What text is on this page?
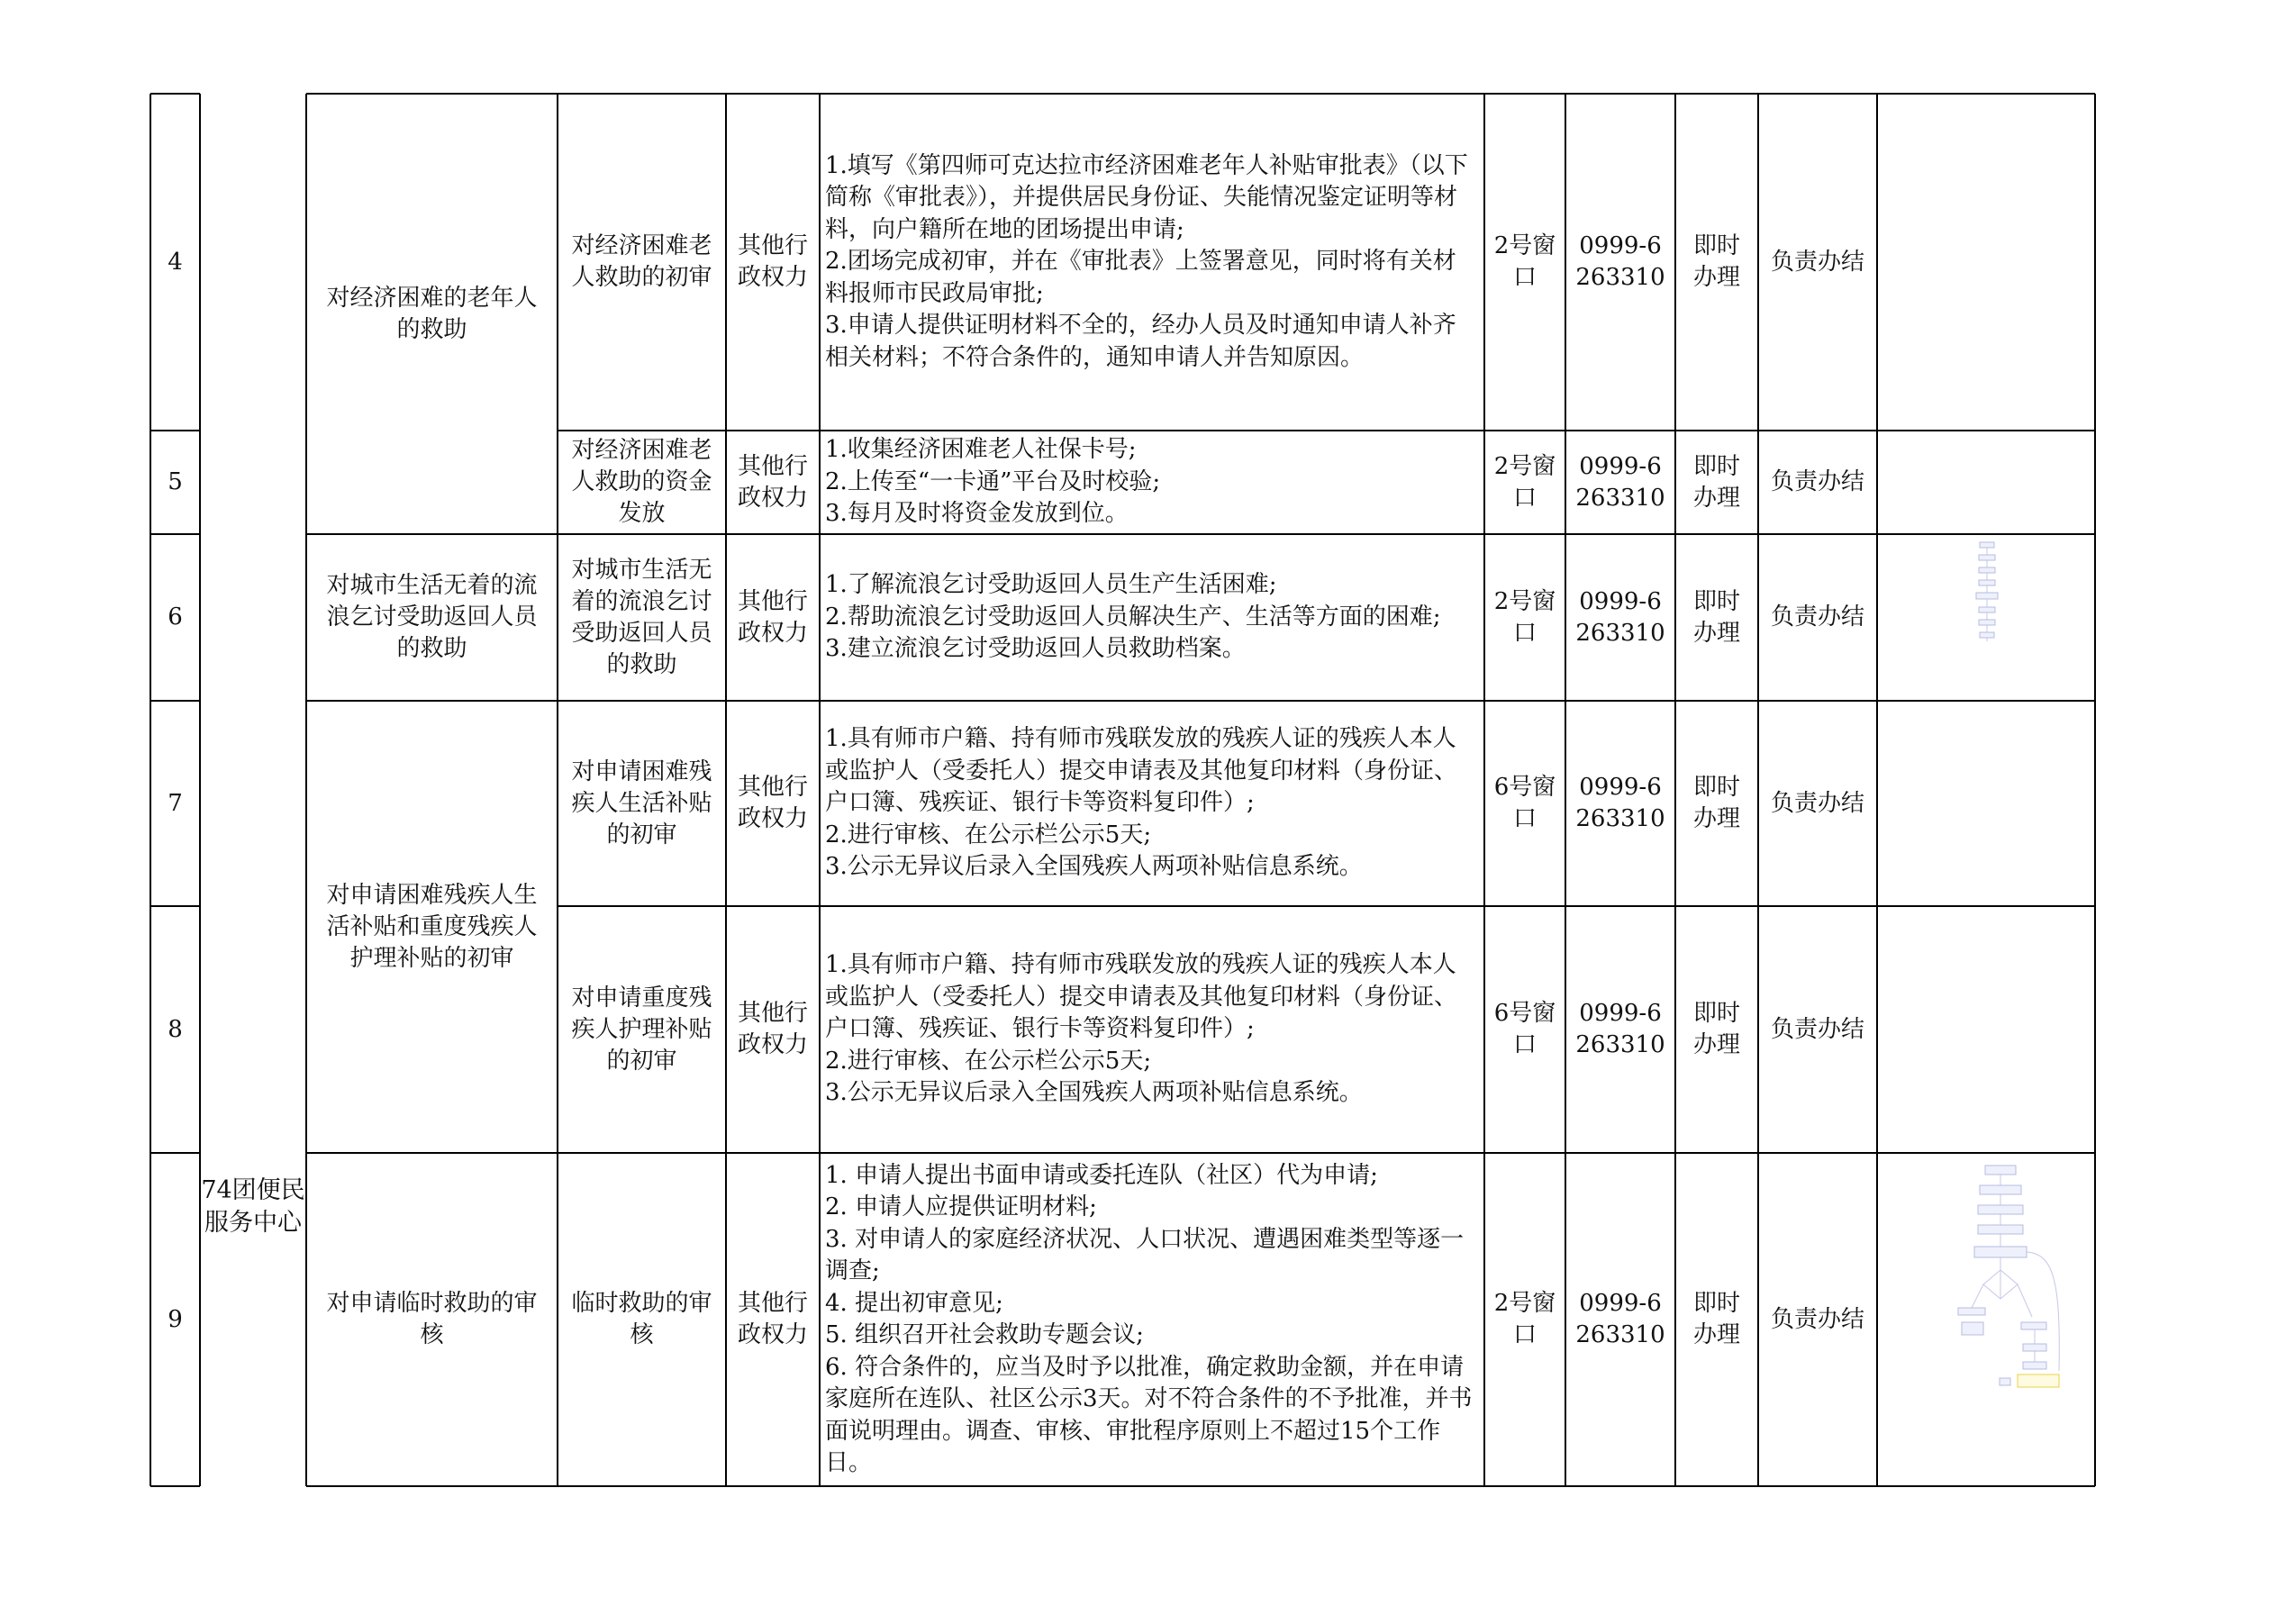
74团便民服务中心
4
对经济困难的老年人的救助
对经济困难老人救助的初审
其他行政权力
1.填写《第四师可克达拉市经济困难老年人补贴审批表》（以下简称《审批表》），并提供居民身份证、失能情况鉴定证明等材料，向户籍所在地的团场提出申请;
2.团场完成初审，并在《审批表》上签署意见，同时将有关材料报师市民政局审批;
3.申请人提供证明材料不全的，经办人员及时通知申请人补齐相关材料；不符合条件的，通知申请人并告知原因。
2号窗口
0999-6263310
即时办理
负责办结
5
对经济困难老人救助的资金发放
其他行政权力
1.收集经济困难老人社保卡号;
2.上传至“一卡通”平台及时校验;
3.每月及时将资金发放到位。
2号窗口
0999-6263310
即时办理
负责办结
6
对城市生活无着的流浪乞讨受助返回人员的救助
对城市生活无着的流浪乞讨受助返回人员的救助
其他行政权力
1.了解流浪乞讨受助返回人员生产生活困难;
2.帮助流浪乞讨受助返回人员解决生产、生活等方面的困难;
3.建立流浪乞讨受助返回人员救助档案。
2号窗口
0999-6263310
即时办理
负责办结
7
对申请困难残疾人生活补贴和重度残疾人护理补贴的初审
对申请困难残疾人生活补贴的初审
其他行政权力
1.具有师市户籍、持有师市残联发放的残疾人证的残疾人本人或监护人（受委托人）提交申请表及其他复印材料（身份证、户口簿、残疾证、银行卡等资料复印件）;
2.进行审核、在公示栏公示5天;
3.公示无异议后录入全国残疾人两项补贴信息系统。
6号窗口
0999-6263310
即时办理
负责办结
8
对申请重度残疾人护理补贴的初审
其他行政权力
1.具有师市户籍、持有师市残联发放的残疾人证的残疾人本人或监护人（受委托人）提交申请表及其他复印材料（身份证、户口簿、残疾证、银行卡等资料复印件）;
2.进行审核、在公示栏公示5天;
3.公示无异议后录入全国残疾人两项补贴信息系统。
6号窗口
0999-6263310
即时办理
负责办结
9
对申请临时救助的审核
临时救助的审核
其他行政权力
1. 申请人提出书面申请或委托连队（社区）代为申请;
2. 申请人应提供证明材料;
3. 对申请人的家庭经济状况、人口状况、遭遇困难类型等逐一调查;
4. 提出初审意见;
5. 组织召开社会救助专题会议;
6. 符合条件的，应当及时予以批准，确定救助金额，并在申请家庭所在连队、社区公示3天。对不符合条件的不予批准，并书面说明理由。调查、审核、审批程序原则上不超过15个工作日。
2号窗口
0999-6263310
即时办理
负责办结
